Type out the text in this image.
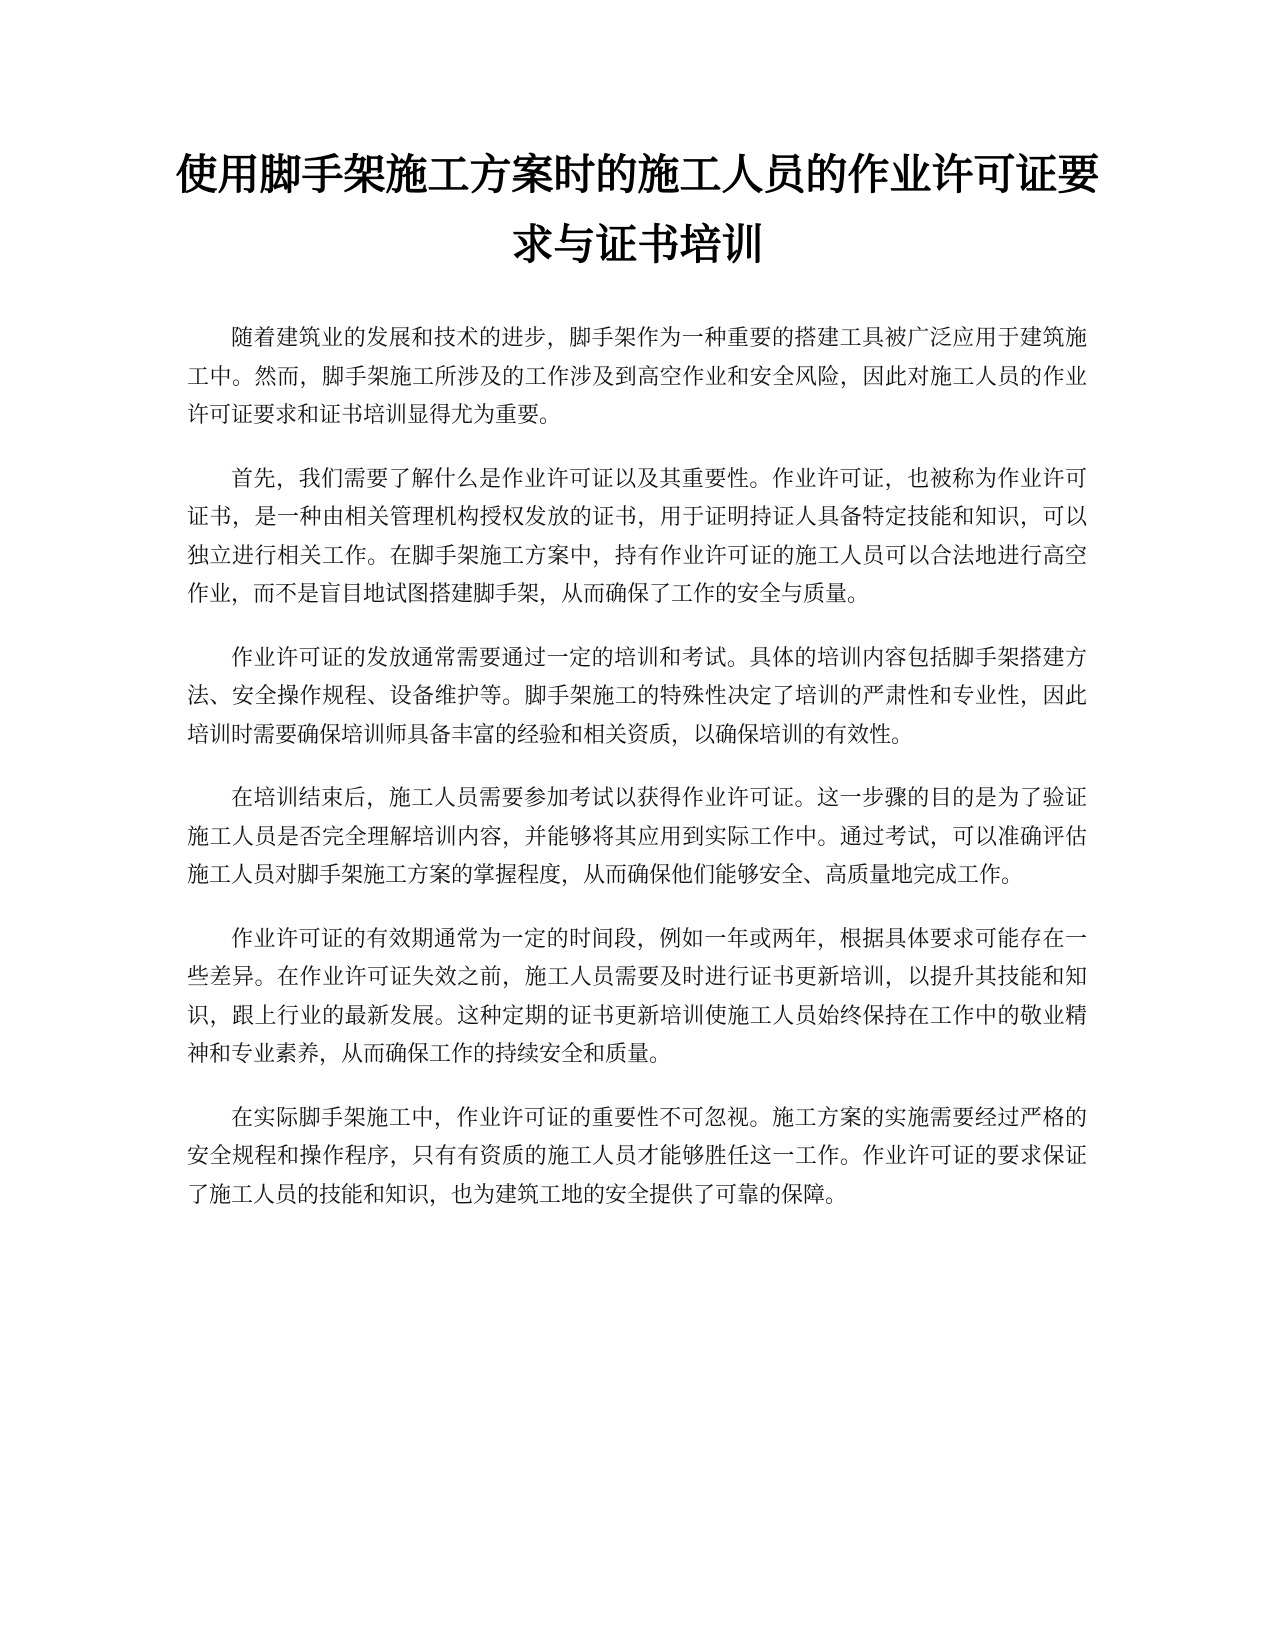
使用脚手架施工方案时的施工人员的作业许可证要求与证书培训

随着建筑业的发展和技术的进步，脚手架作为一种重要的搭建工具被广泛应用于建筑施工中。然而，脚手架施工所涉及的工作涉及到高空作业和安全风险，因此对施工人员的作业许可证要求和证书培训显得尤为重要。

首先，我们需要了解什么是作业许可证以及其重要性。作业许可证，也被称为作业许可证书，是一种由相关管理机构授权发放的证书，用于证明持证人具备特定技能和知识，可以独立进行相关工作。在脚手架施工方案中，持有作业许可证的施工人员可以合法地进行高空作业，而不是盲目地试图搭建脚手架，从而确保了工作的安全与质量。

作业许可证的发放通常需要通过一定的培训和考试。具体的培训内容包括脚手架搭建方法、安全操作规程、设备维护等。脚手架施工的特殊性决定了培训的严肃性和专业性，因此培训时需要确保培训师具备丰富的经验和相关资质，以确保培训的有效性。

在培训结束后，施工人员需要参加考试以获得作业许可证。这一步骤的目的是为了验证施工人员是否完全理解培训内容，并能够将其应用到实际工作中。通过考试，可以准确评估施工人员对脚手架施工方案的掌握程度，从而确保他们能够安全、高质量地完成工作。

作业许可证的有效期通常为一定的时间段，例如一年或两年，根据具体要求可能存在一些差异。在作业许可证失效之前，施工人员需要及时进行证书更新培训，以提升其技能和知识，跟上行业的最新发展。这种定期的证书更新培训使施工人员始终保持在工作中的敬业精神和专业素养，从而确保工作的持续安全和质量。

在实际脚手架施工中，作业许可证的重要性不可忽视。施工方案的实施需要经过严格的安全规程和操作程序，只有有资质的施工人员才能够胜任这一工作。作业许可证的要求保证了施工人员的技能和知识，也为建筑工地的安全提供了可靠的保障。
